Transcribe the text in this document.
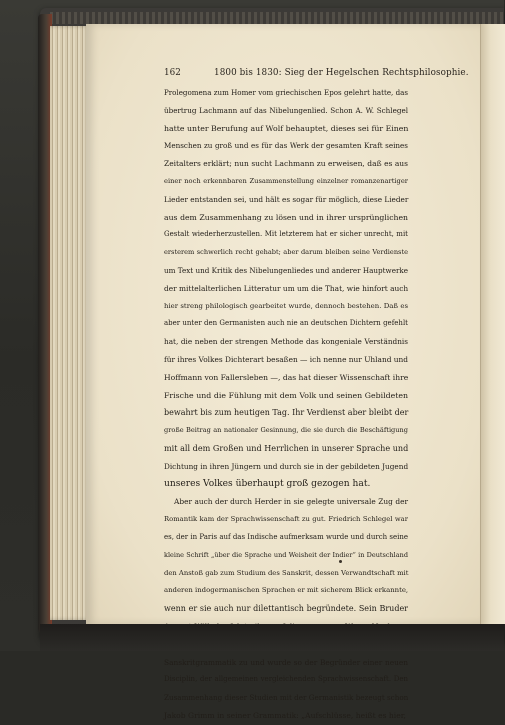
162	1800 bis 1830: Sieg der Hegelschen Rechtsphilosophie.
Prolegomena zum Homer vom griechischen Epos gelehrt hatte, das
übertrug Lachmann auf das Nibelungenlied. Schon A. W. Schlegel
hatte unter Berufung auf Wolf behauptet, dieses sei für Einen
Menschen zu groß und es für das Werk der gesamten Kraft seines
Zeitalters erklärt; nun sucht Lachmann zu erweisen, daß es aus
einer noch erkennbaren Zusammenstellung einzelner romanzenartiger
Lieder entstanden sei, und hält es sogar für möglich, diese Lieder
aus dem Zusammenhang zu lösen und in ihrer ursprünglichen
Gestalt wiederherzustellen. Mit letzterem hat er sicher unrecht, mit
ersterem schwerlich recht gehabt; aber darum bleiben seine Verdienste
um Text und Kritik des Nibelungenliedes und anderer Hauptwerke
der mittelalterlichen Litteratur um um die That, wie hinfort auch
hier streng philologisch gearbeitet wurde, dennoch bestehen. Daß es
aber unter den Germanisten auch nie an deutschen Dichtern gefehlt
hat, die neben der strengen Methode das kongeniale Verständnis
für ihres Volkes Dichterart besaßen — ich nenne nur Uhland und
Hoffmann von Fallersleben —, das hat dieser Wissenschaft ihre
Frische und die Fühlung mit dem Volk und seinen Gebildeten
bewahrt bis zum heutigen Tag. Ihr Verdienst aber bleibt der
große Beitrag an nationaler Gesinnung, die sie durch die Beschäftigung
mit all dem Großen und Herrlichen in unserer Sprache und
Dichtung in ihren Jüngern und durch sie in der gebildeten Jugend
unseres Volkes überhaupt groß gezogen hat.
Aber auch der durch Herder in sie gelegte universale Zug der
Romantik kam der Sprachwissenschaft zu gut. Friedrich Schlegel war
es, der in Paris auf das Indische aufmerksam wurde und durch seine
kleine Schrift „über die Sprache und Weisheit der Indier“ in Deutschland
den Anstoß gab zum Studium des Sanskrit, dessen Verwandtschaft mit
anderen indogermanischen Sprachen er mit sicherem Blick erkannte,
wenn er sie auch nur dilettantisch begründete. Sein Bruder
Sanskritgrammatik zu und wurde so der Begründer einer neuen
Disciplin, der allgemeinen vergleichenden Sprachwissenschaft. Den
Zusammenhang dieser Studien mit der Germanistik bezeugt schon
Jakob Grimm in seiner Grammatik: „Aufschlüsse, heißt es hier,
